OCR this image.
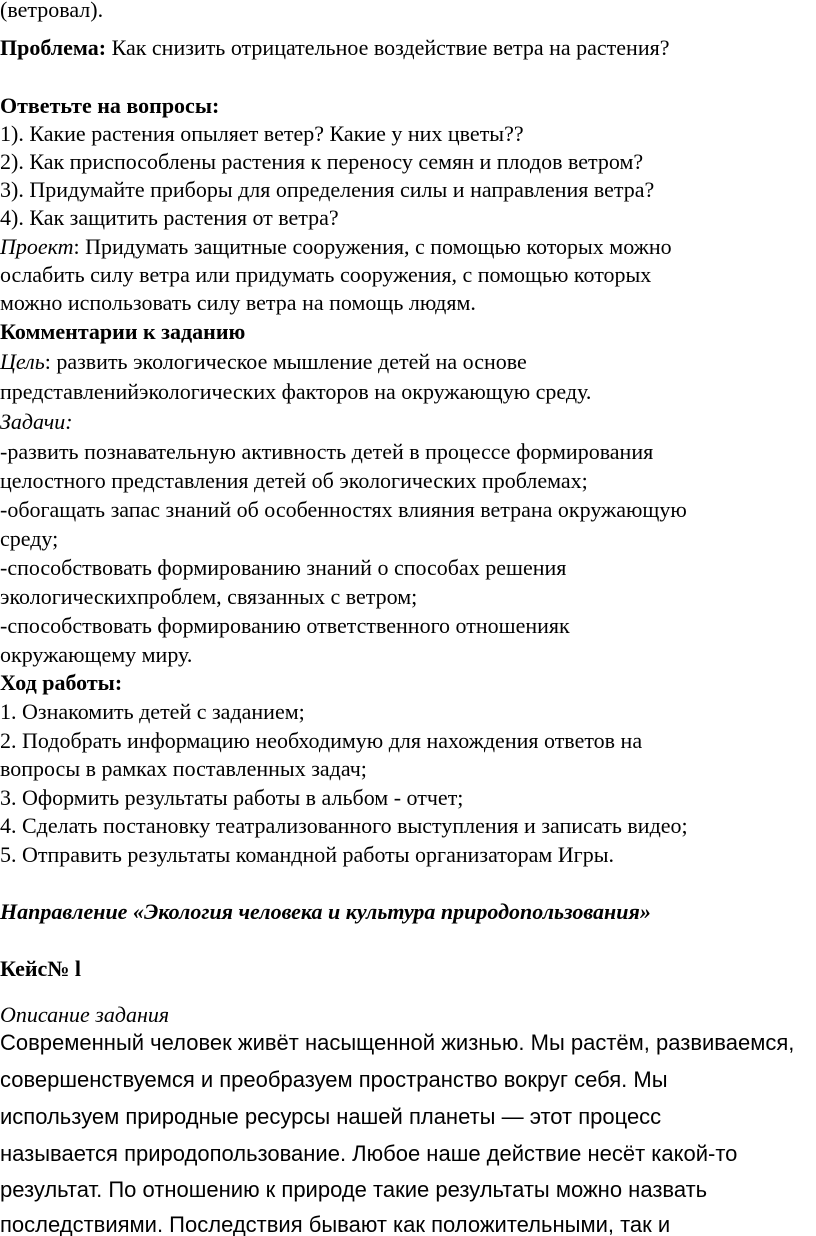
(ветровал).
Проблема: Как снизить отрицательное воздействие ветра на растения?
Ответьте на вопросы:
1). Какие растения опыляет ветер? Какие у них цветы??
2). Как приспособлены растения к переносу семян и плодов ветром?
3). Придумайте приборы для определения силы и направления ветра?
4). Как защитить растения от ветра?
Проект: Придумать защитные сооружения, с помощью которых можно
ослабить силу ветра или придумать сооружения, с помощью которых
можно использовать силу ветра на помощь людям.
Комментарии к заданию
Цель: развить экологическое мышление детей на основе
представленийэкологических факторов на окружающую среду.
Задачи:
-развить познавательную активность детей в процессе формирования
целостного представления детей об экологических проблемах;
-обогащать запас знаний об особенностях влияния ветрана окружающую
среду;
-способствовать формированию знаний о способах решения
экологическихпроблем, связанных с ветром;
-способствовать формированию ответственного отношенияк
окружающему миру.
Ход работы:
1. Ознакомить детей с заданием;
2. Подобрать информацию необходимую для нахождения ответов на
вопросы в рамках поставленных задач;
3. Оформить результаты работы в альбом - отчет;
4. Сделать постановку театрализованного выступления и записать видео;
5. Отправить результаты командной работы организаторам Игры.
Направление «Экология человека и культура природопользования»
Кейс№ l
Описание задания
Современный человек живёт насыщенной жизнью. Мы растём, развиваемся,
совершенствуемся и преобразуем пространство вокруг себя. Мы
используем природные ресурсы нашей планеты — этот процесс
называется природопользование. Любое наше действие несёт какой-то
результат. По отношению к природе такие результаты можно назвать
последствиями. Последствия бывают как положительными, так и
